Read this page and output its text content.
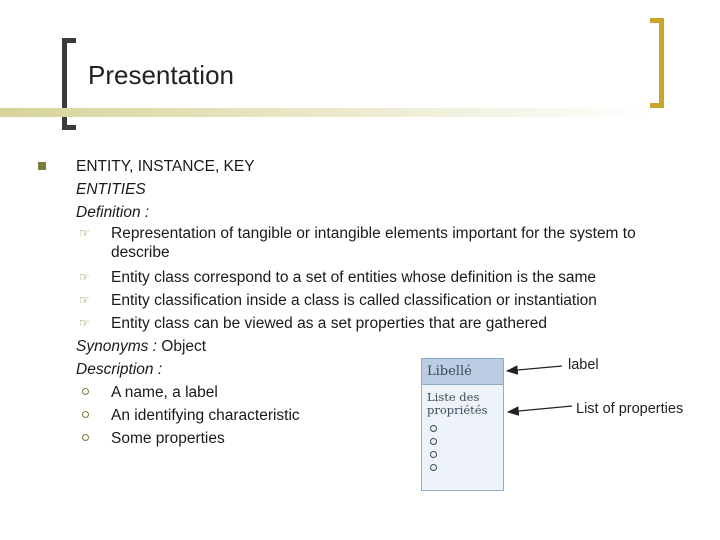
Presentation
ENTITY, INSTANCE, KEY
ENTITIES
Definition :
☞ Representation of tangible or intangible elements important for the system to describe
☞ Entity class correspond to a set of entities whose definition is the same
☞ Entity classification inside a class is called classification or instantiation
☞ Entity class can be viewed as a set properties that are gathered
Synonyms : Object
Description :
A name, a label
An identifying characteristic
Some properties
Libellé
Liste des propriétés
label
List of properties
